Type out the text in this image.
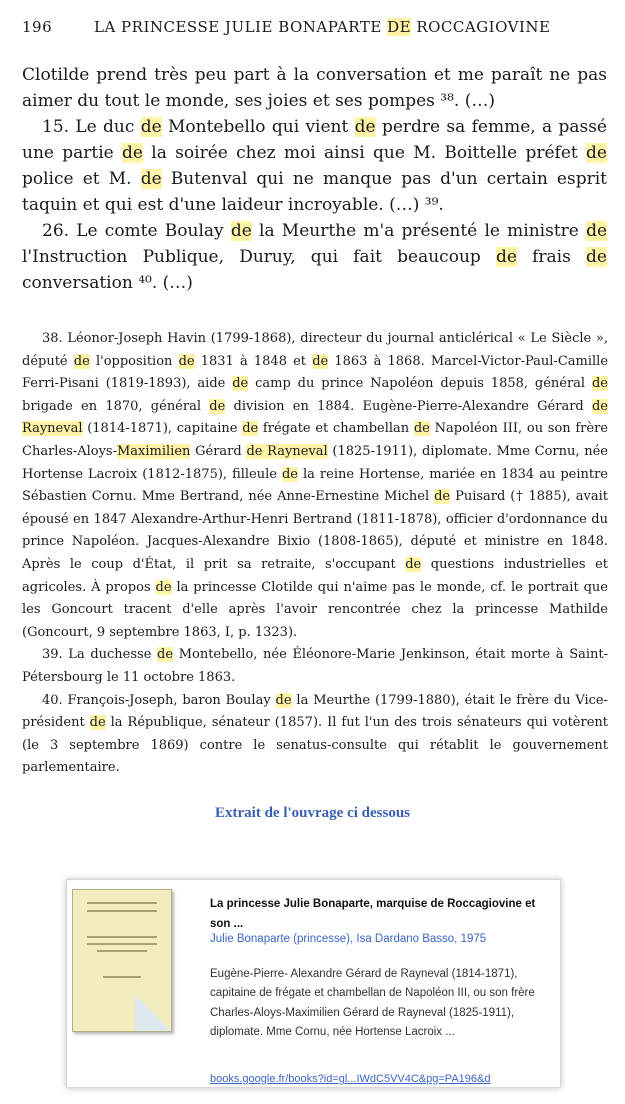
196	LA PRINCESSE JULIE BONAPARTE DE ROCCAGIOVINE

Clotilde prend très peu part à la conversation et me paraît ne pas aimer du tout le monde, ses joies et ses pompes ³⁸. (…)

15. Le duc de Montebello qui vient de perdre sa femme, a passé une partie de la soirée chez moi ainsi que M. Boittelle préfet de police et M. de Butenval qui ne manque pas d'un certain esprit taquin et qui est d'une laideur incroyable. (…) ³⁹.

26. Le comte Boulay de la Meurthe m'a présenté le ministre de l'Instruction Publique, Duruy, qui fait beaucoup de frais de conversation ⁴⁰. (…)

38. Léonor-Joseph Havin (1799-1868), directeur du journal anticlérical « Le Siècle », député de l'opposition de 1831 à 1848 et de 1863 à 1868. Marcel-Victor-Paul-Camille Ferri-Pisani (1819-1893), aide de camp du prince Napoléon depuis 1858, général de brigade en 1870, général de division en 1884. Eugène-Pierre-Alexandre Gérard de Rayneval (1814-1871), capitaine de frégate et chambellan de Napoléon III, ou son frère Charles-Aloys-Maximilien Gérard de Rayneval (1825-1911), diplomate. Mme Cornu, née Hortense Lacroix (1812-1875), filleule de la reine Hortense, mariée en 1834 au peintre Sébastien Cornu. Mme Bertrand, née Anne-Ernestine Michel de Puisard († 1885), avait épousé en 1847 Alexandre-Arthur-Henri Bertrand (1811-1878), officier d'ordonnance du prince Napoléon. Jacques-Alexandre Bixio (1808-1865), député et ministre en 1848. Après le coup d'État, il prit sa retraite, s'occupant de questions industrielles et agricoles. À propos de la princesse Clotilde qui n'aime pas le monde, cf. le portrait que les Goncourt tracent d'elle après l'avoir rencontrée chez la princesse Mathilde (Goncourt, 9 septembre 1863, I, p. 1323).

39. La duchesse de Montebello, née Éléonore-Marie Jenkinson, était morte à Saint-Pétersbourg le 11 octobre 1863.

40. François-Joseph, baron Boulay de la Meurthe (1799-1880), était le frère du Vice-président de la République, sénateur (1857). Il fut l'un des trois sénateurs qui votèrent (le 3 septembre 1869) contre le senatus-consulte qui rétablit le gouvernement parlementaire.

Extrait de l'ouvrage ci dessous
La princesse Julie Bonaparte, marquise de Roccagiovine et son ...
Julie Bonaparte (princesse), Isa Dardano Basso, 1975
Eugène-Pierre- Alexandre Gérard de Rayneval (1814-1871), capitaine de frégate et chambellan de Napoléon III, ou son frère Charles-Aloys-Maximilien Gérard de Rayneval (1825-1911), diplomate. Mme Cornu, née Hortense Lacroix ...
books.google.fr/books?id=gl...IWdC5VV4C&pg=PA196&d
